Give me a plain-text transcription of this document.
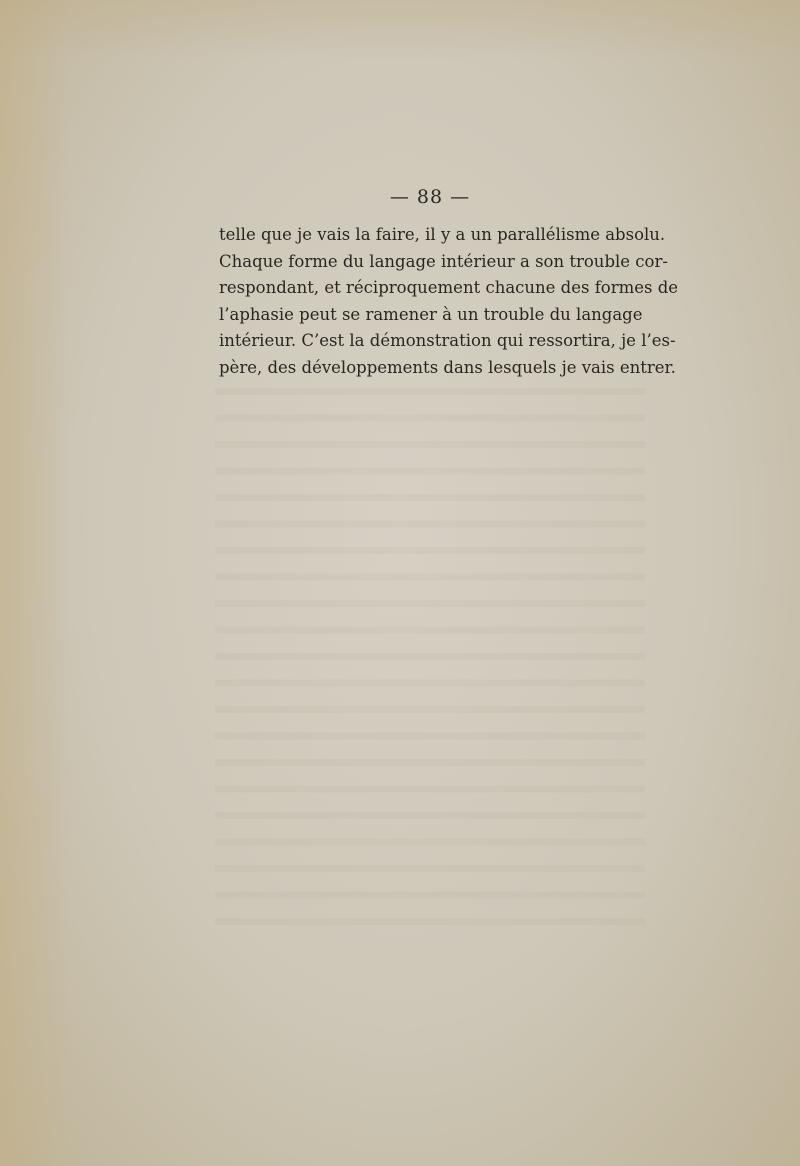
— 88 —
telle que je vais la faire, il y a un parallélisme absolu.
Chaque forme du langage intérieur a son trouble cor-
respondant, et réciproquement chacune des formes de
l’aphasie peut se ramener à un trouble du langage
intérieur. C’est la démonstration qui ressortira, je l’es-
père, des développements dans lesquels je vais entrer.
